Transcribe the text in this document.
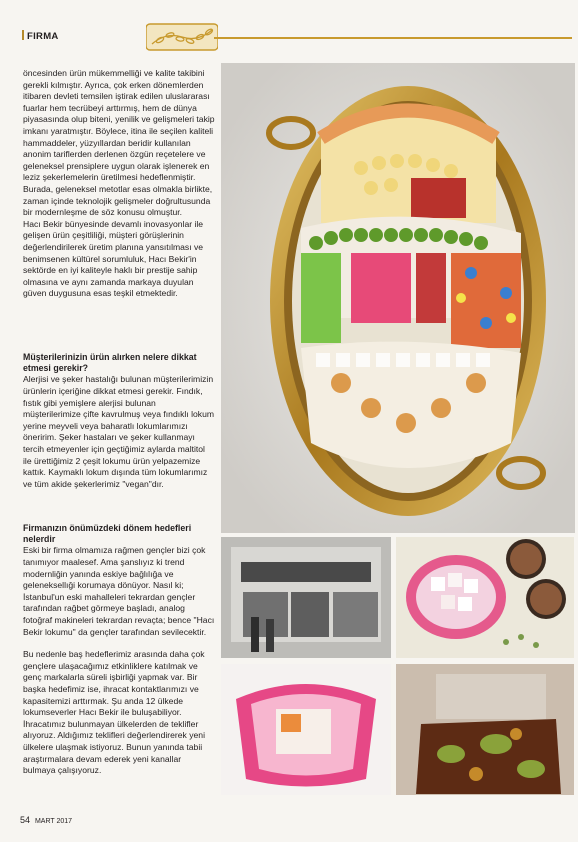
FIRMA

öncesinden ürün mükemmelliği ve kalite takibini gerekli kılmıştır. Ayrıca, çok erken dönemlerden itibaren devleti temsilen iştirak edilen uluslararası fuarlar hem tecrübeyi arttırmış, hem de dünya piyasasında olup biteni, yenilik ve gelişmeleri takip imkanı yaratmıştır. Böylece, itina ile seçilen kaliteli hammaddeler, yüzyıllardan beridir kullanılan anonim tariflerden derlenen özgün reçetelere ve geleneksel prensiplere uygun olarak işlenerek en leziz şekerlemelerin üretilmesi hedeflenmiştir. Burada, geleneksel metotlar esas olmakla birlikte, zaman içinde teknolojik gelişmeler doğrultusunda bir modernleşme de söz konusu olmuştur.

Hacı Bekir bünyesinde devamlı inovasyonlar ile gelişen ürün çeşitliliği, müşteri görüşlerinin değerlendirilerek üretim planına yansıtılması ve benimsenen kültürel sorumluluk, Hacı Bekir'in sektörde en iyi kaliteyle haklı bir prestije sahip olmasına ve aynı zamanda markaya duyulan güven duygusuna esas teşkil etmektedir.

Müşterilerinizin ürün alırken nelere dikkat etmesi gerekir?

Alerjisi ve şeker hastalığı bulunan müşterilerimizin ürünlerin içeriğine dikkat etmesi gerekir. Fındık, fıstık gibi yemişlere alerjisi bulunan müşterilerimize çifte kavrulmuş veya fındıklı lokum yerine meyveli veya baharatlı lokumlarımızı öneririm. Şeker hastaları ve şeker kullanmayı tercih etmeyenler için geçtiğimiz aylarda maltitol ile ürettiğimiz 2 çeşit lokumu ürün yelpazemize kattık. Kaymaklı lokum dışında tüm lokumlarımız ve tüm akide şekerlerimiz "vegan"dır.

Firmanızın önümüzdeki dönem hedefleri nelerdir

Eski bir firma olmamıza rağmen gençler bizi çok tanımıyor maalesef. Ama şanslıyız ki trend modernliğin yanında eskiye bağlılığa ve geleneksellıği korumaya dönüyor. Nasıl ki; İstanbul'un eski mahalleleri tekrardan gençler tarafından rağbet görmeye başladı, analog fotoğraf makineleri tekrardan revaçta; bence "Hacı Bekir lokumu" da gençler tarafından sevilecektir.

Bu nedenle baş hedeflerimiz arasında daha çok gençlere ulaşacağımız etkinliklere katılmak ve genç markalarla süreli işbirliği yapmak var. Bir başka hedefimiz ise, ihracat kontaktlarımızı ve kapasitemizi arttırmak. Şu anda 12 ülkede lokumseverler Hacı Bekir ile buluşabiliyor. İhracatımız bulunmayan ülkelerden de teklifler alıyoruz. Aldığımız teklifleri değerlendirerek yeni ülkelere ulaşmak istiyoruz. Bunun yanında tabii araştırmalara devam ederek yeni kanallar bulmaya çalışıyoruz.

54 MART 2017
